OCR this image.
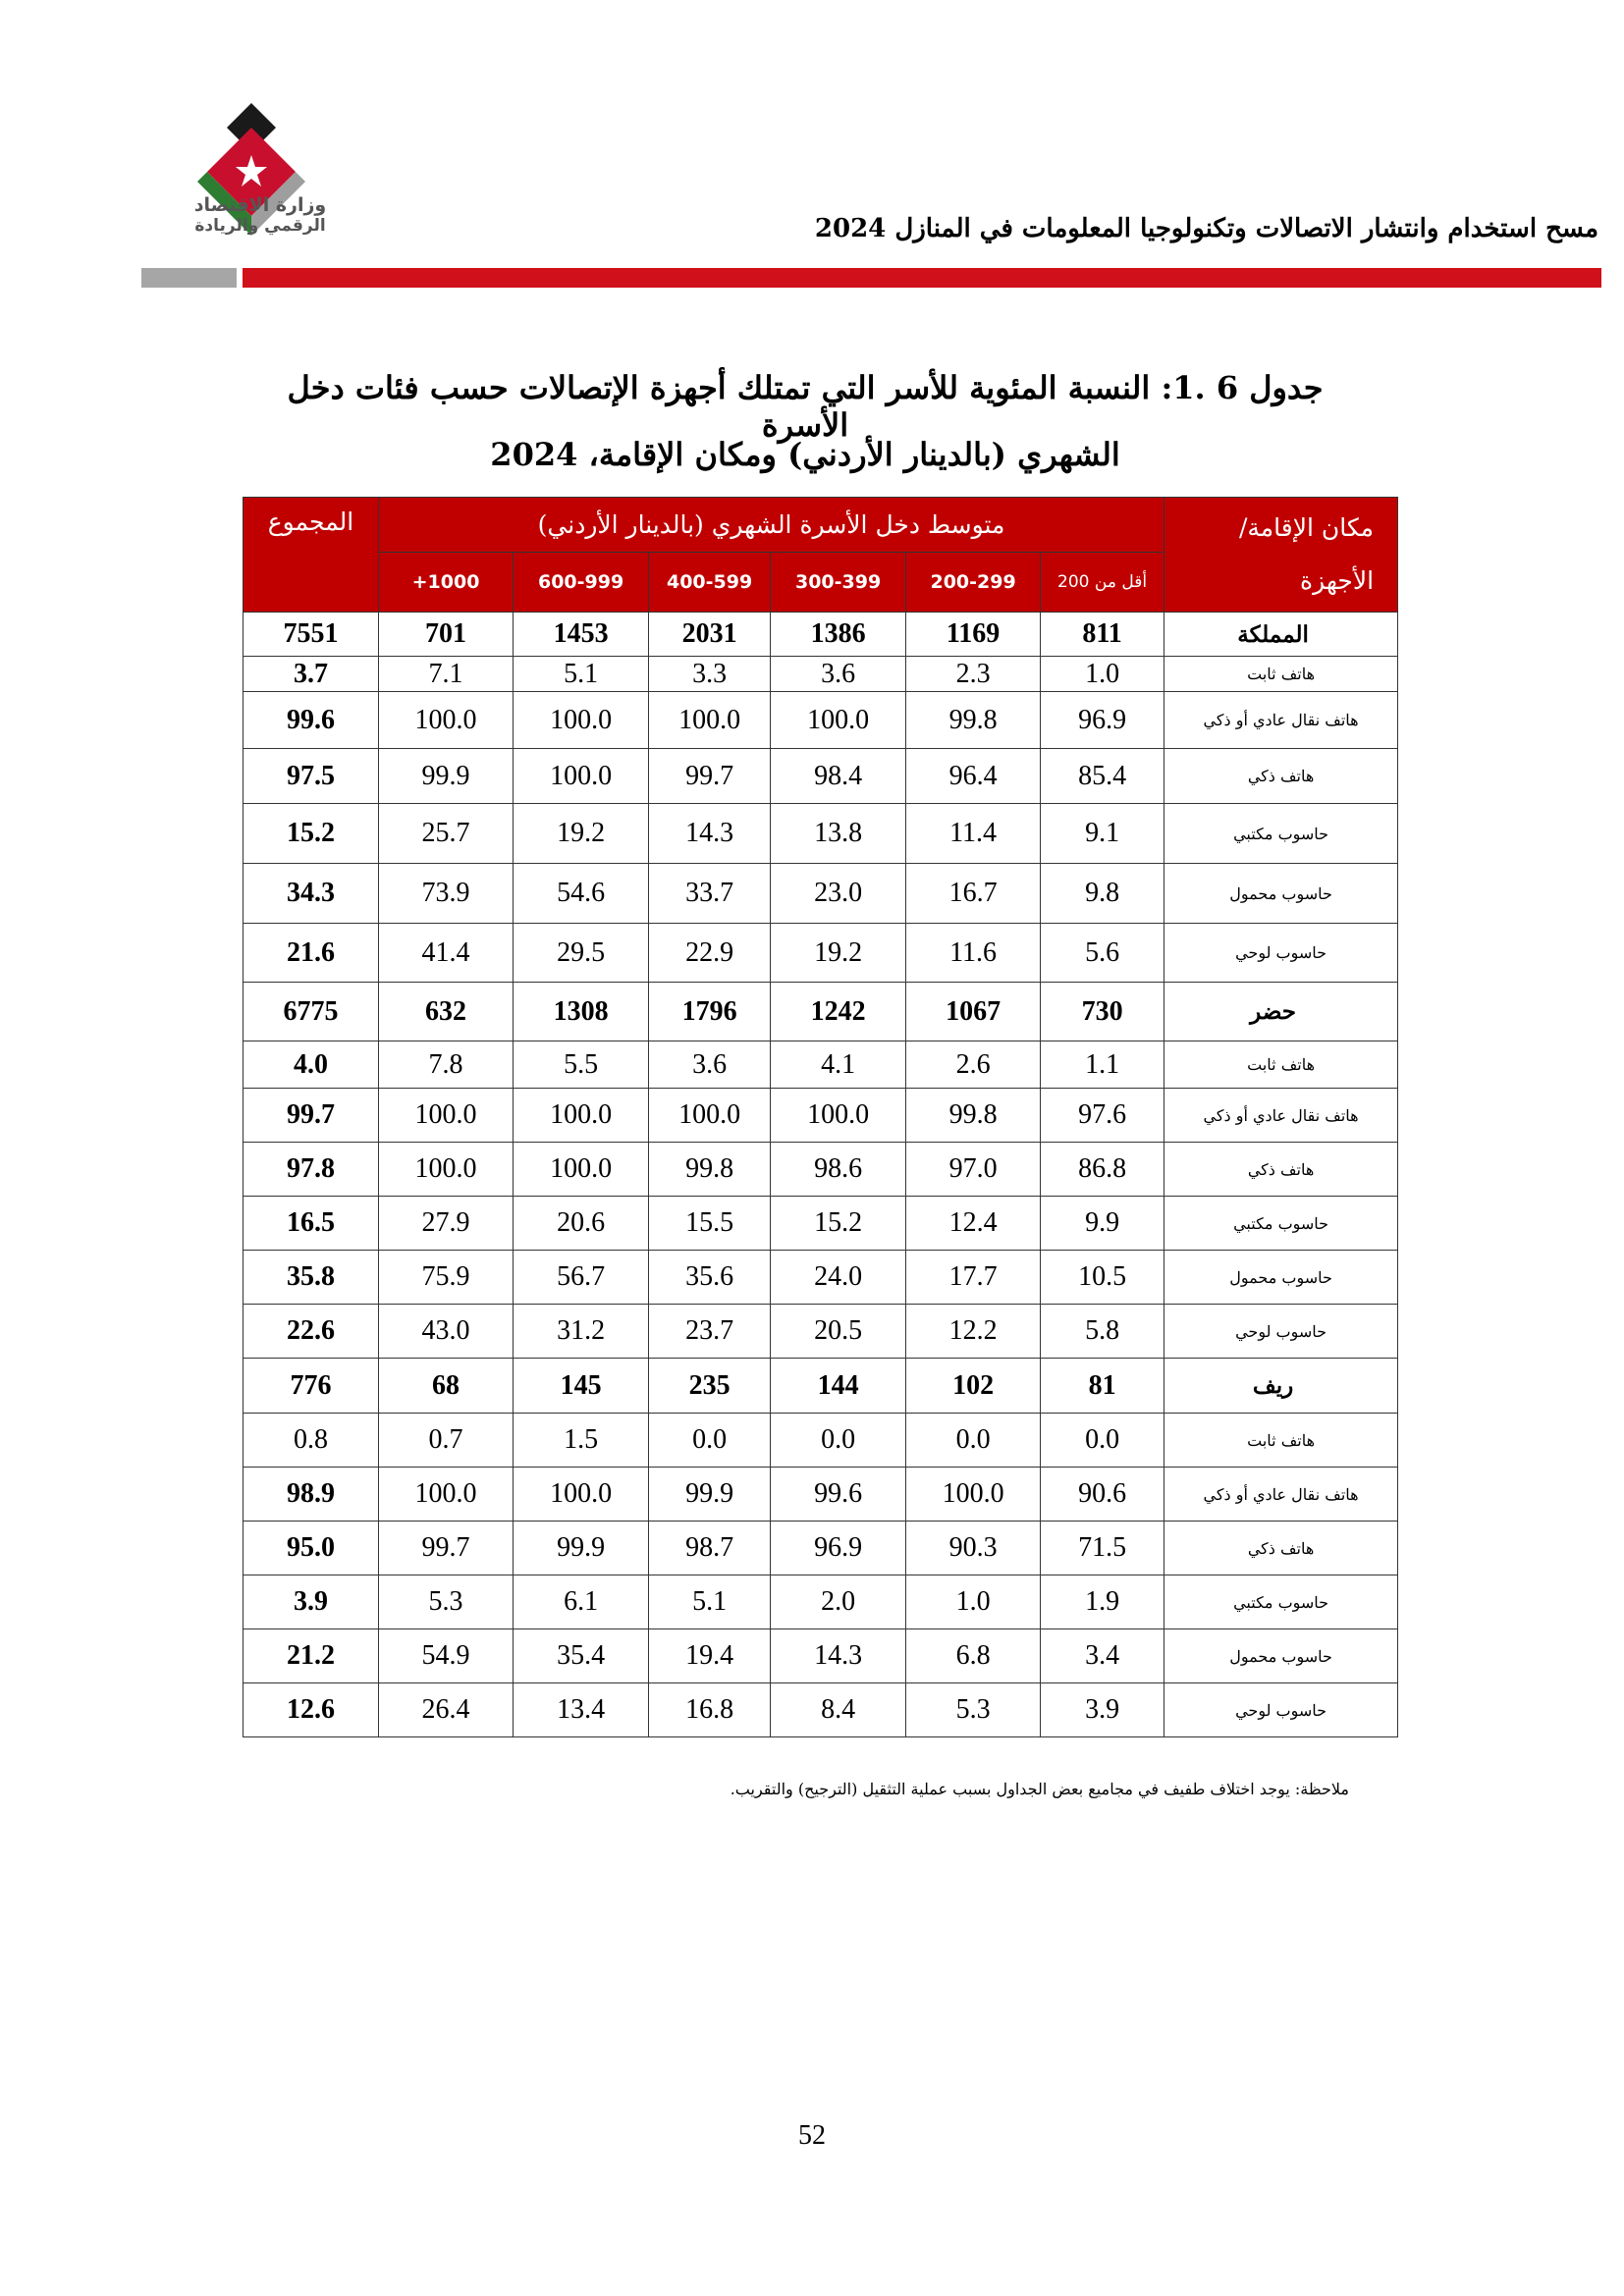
وزارة الاقتصاد
الرقمي والريادة	مسح استخدام وانتشار الاتصالات وتكنولوجيا المعلومات في المنازل 2024
جدول 6 .1: النسبة المئوية للأسر التي تمتلك أجهزة الإتصالات حسب فئات دخل الأسرة
الشهري (بالدينار الأردني) ومكان الإقامة، 2024
مكان الإقامة/ الأجهزة	متوسط دخل الأسرة الشهري (بالدينار الأردني)						المجموع
	أقل من 200	200-299	300-399	400-599	600-999	1000+	
المملكة	811	1169	1386	2031	1453	701	7551
هاتف ثابت	1.0	2.3	3.6	3.3	5.1	7.1	3.7
هاتف نقال عادي أو ذكي	96.9	99.8	100.0	100.0	100.0	100.0	99.6
هاتف ذكي	85.4	96.4	98.4	99.7	100.0	99.9	97.5
حاسوب مكتبي	9.1	11.4	13.8	14.3	19.2	25.7	15.2
حاسوب محمول	9.8	16.7	23.0	33.7	54.6	73.9	34.3
حاسوب لوحي	5.6	11.6	19.2	22.9	29.5	41.4	21.6
حضر	730	1067	1242	1796	1308	632	6775
هاتف ثابت	1.1	2.6	4.1	3.6	5.5	7.8	4.0
هاتف نقال عادي أو ذكي	97.6	99.8	100.0	100.0	100.0	100.0	99.7
هاتف ذكي	86.8	97.0	98.6	99.8	100.0	100.0	97.8
حاسوب مكتبي	9.9	12.4	15.2	15.5	20.6	27.9	16.5
حاسوب محمول	10.5	17.7	24.0	35.6	56.7	75.9	35.8
حاسوب لوحي	5.8	12.2	20.5	23.7	31.2	43.0	22.6
ريف	81	102	144	235	145	68	776
هاتف ثابت	0.0	0.0	0.0	0.0	1.5	0.7	0.8
هاتف نقال عادي أو ذكي	90.6	100.0	99.6	99.9	100.0	100.0	98.9
هاتف ذكي	71.5	90.3	96.9	98.7	99.9	99.7	95.0
حاسوب مكتبي	1.9	1.0	2.0	5.1	6.1	5.3	3.9
حاسوب محمول	3.4	6.8	14.3	19.4	35.4	54.9	21.2
حاسوب لوحي	3.9	5.3	8.4	16.8	13.4	26.4	12.6
ملاحظة: يوجد اختلاف طفيف في مجاميع بعض الجداول بسبب عملية التثقيل (الترجيح) والتقريب.
52
